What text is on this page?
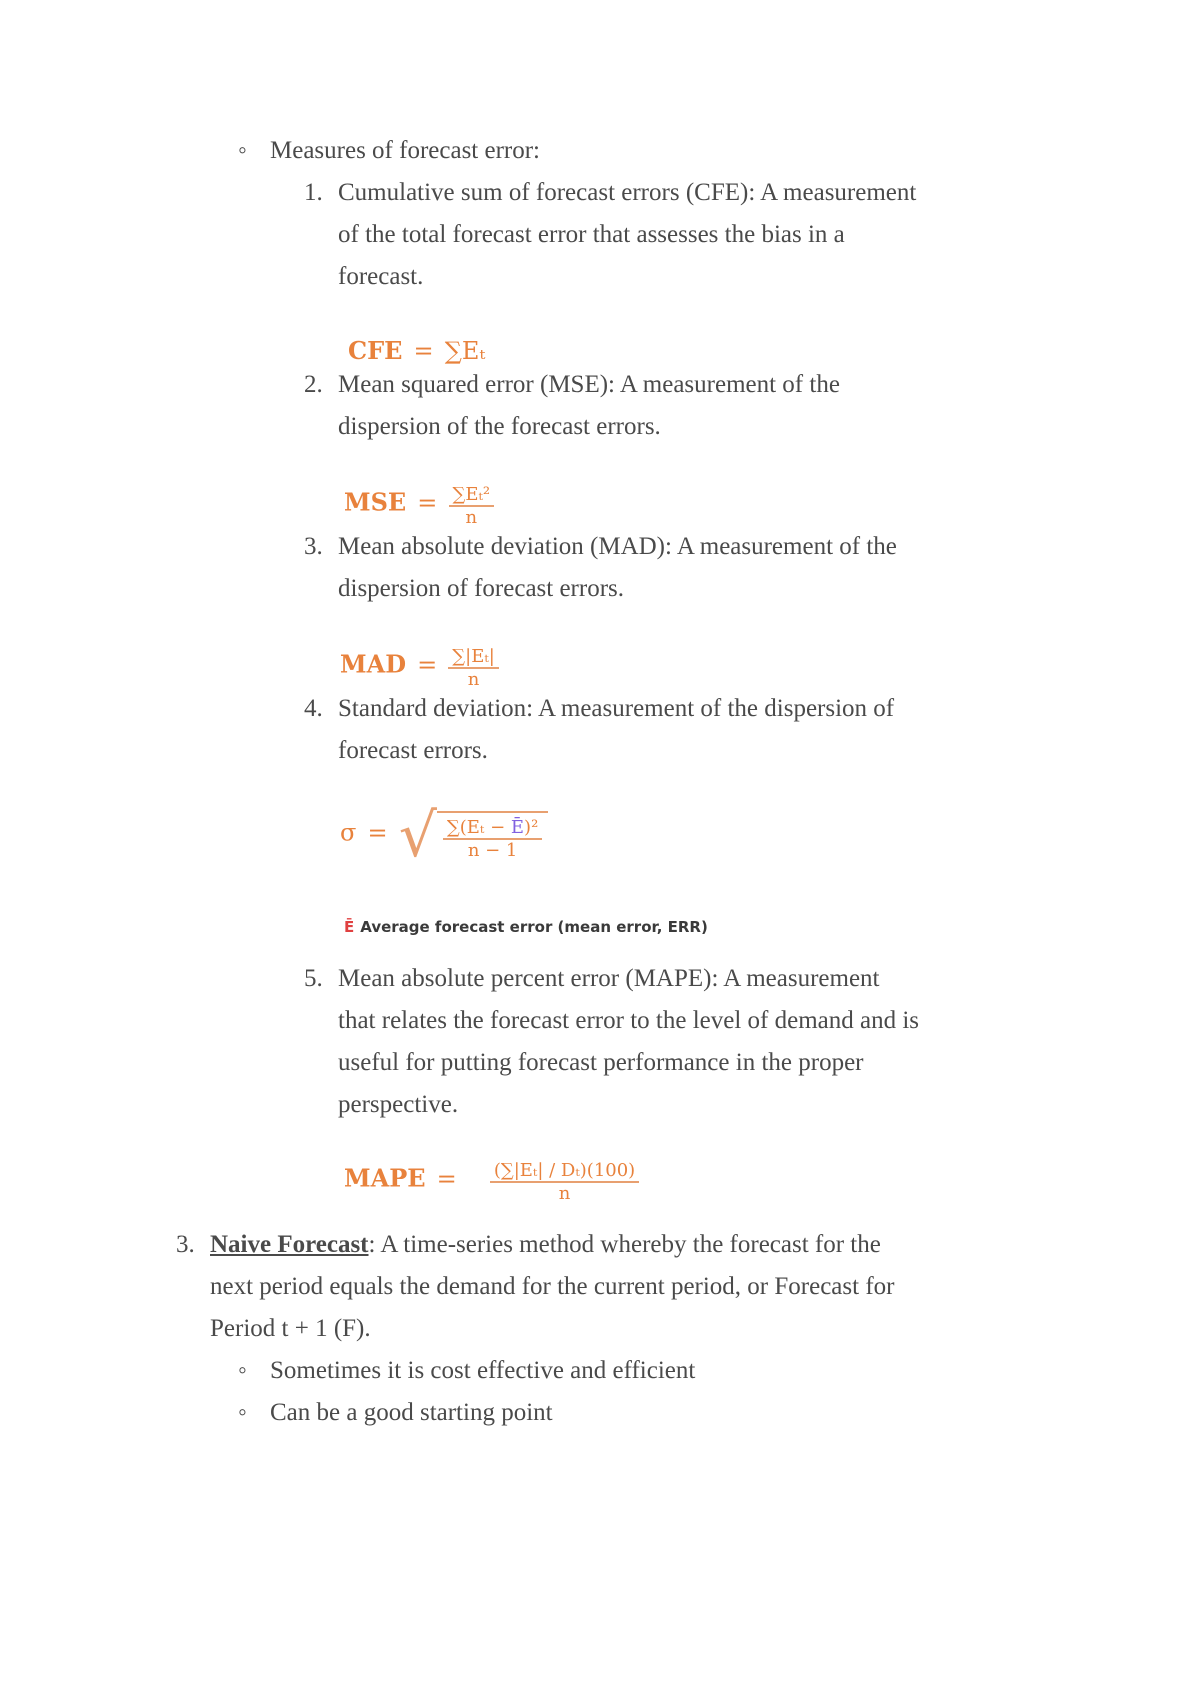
◦ Measures of forecast error:
1. Cumulative sum of forecast errors (CFE): A measurement
of the total forecast error that assesses the bias in a
forecast.
CFE = ∑Eₜ
2. Mean squared error (MSE): A measurement of the
dispersion of the forecast errors.
MSE = $\frac{\text{∑Eₜ²}}{n}$
3. Mean absolute deviation (MAD): A measurement of the
dispersion of forecast errors.
MAD = $\frac{\text{∑|Eₜ|}}{n}$
4. Standard deviation: A measurement of the dispersion of
forecast errors.
σ = √ $\frac{\text{∑(Eₜ − Ē)²}}{n - 1}$
Ē Average forecast error (mean error, ERR)
5. Mean absolute percent error (MAPE): A measurement
that relates the forecast error to the level of demand and is
useful for putting forecast performance in the proper
perspective.
MAPE = $\frac{\text{(∑|Eₜ| / Dₜ)(100)}}{n}$
3. Naive Forecast: A time-series method whereby the forecast for the
next period equals the demand for the current period, or Forecast for
Period t + 1 (F).
◦ Sometimes it is cost effective and efficient
◦ Can be a good starting point
